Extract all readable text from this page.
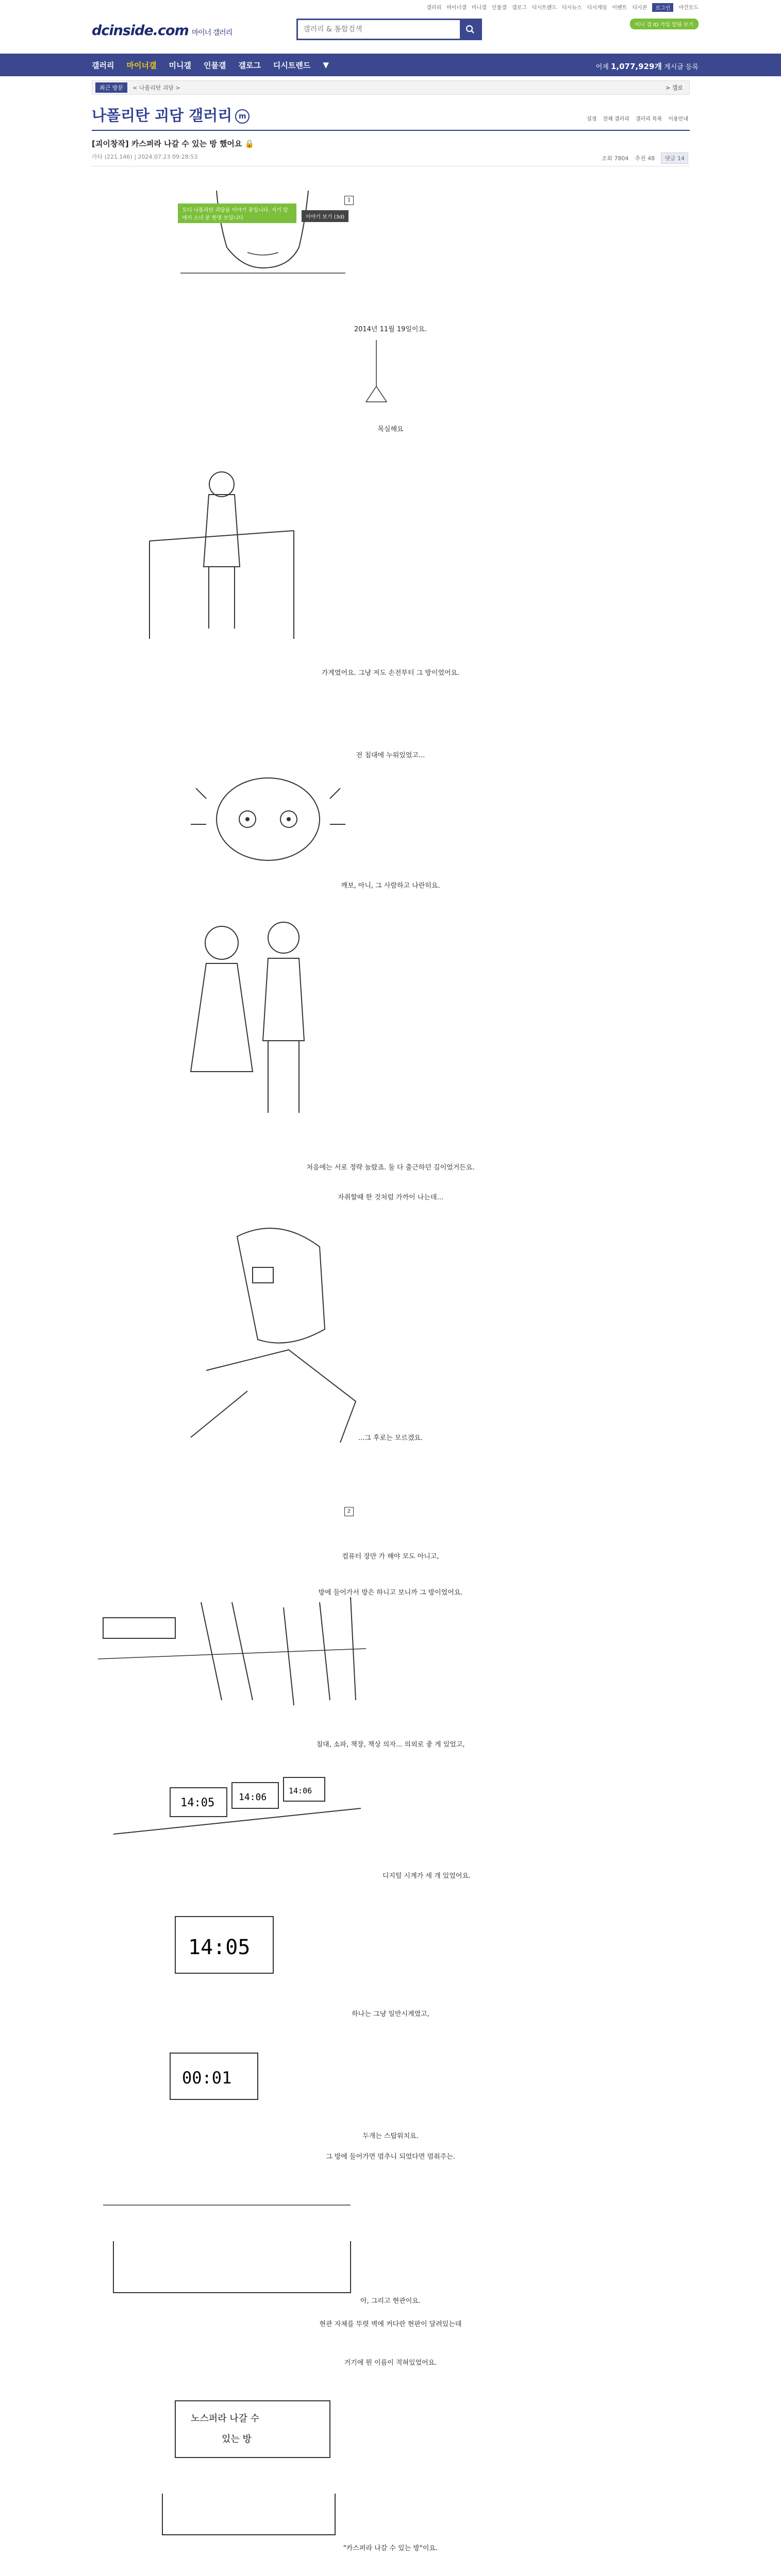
갤러리 마이너갤 미니갤 인물갤 갤로그 디시트렌드 디시뉴스 디시게임 이벤트 디시콘	로그인	야간모드
미니 갤 ID 가입 알림 보기
dcinside.com 마이너 갤러리
갤러리 & 통합검색
갤러리 마이너갤 미니갤 인물갤 갤로그 디시트렌드 ▼	어제 1,077,929개 게시글 등록
최근 방문	< 나폴리탄 괴담 >	> 갤로
나폴리탄 괴담 갤러리 m	설정 전체 갤러리 갤러리 목록 이용안내
[괴이창작] 카스퍼라 나갈 수 있는 방 했어요 🔒
카타 (221.146) | 2024.07.23 09:28:53	조회 7804 추천 48	댓글 14
1
오디 나폴리탄 괴담을 이야기 중입니다. 저기 앞에서 소녀 분 한명 보입니다	이야기 보기 (3d)
2014년 11월 19일이요.
목실해요
가게였어요. 그냥 저도 손전부터 그 방이었어요.
전 침대에 누워있었고...
깨보, 아니, 그 사람하고 나란히요.
처음에는 서로 정략 놀랐죠. 둘 다 출근하던 길이었거든요.
자취할때 한 것처럼 가까이 나는데...
...그 후로는 모르겠요.
2
컴퓨터 장만 가 해야 모도 아니고,
방에 들어가서 방은 하니고 보니까 그 방이었어요.
침대, 소파, 책장, 책상 의자... 의외로 좋 게 있었고,
14:05	14:06
14:06
디지털 시계가 세 개 있었어요.
14:05
하나는 그냥 일반시계였고,
00:01
두개는 스탑워치요.
그 방에 들어가면 멈추니 되었다면 멈춰주는.
아, 그리고 현관이요.
현관 자체를 뚜렷 벽에 커다란 현판이 달려있는데
거기에 뭔 이름이 적혀있었어요.
노스퍼라 나갈 수
있는 방
"카스퍼라 나갈 수 있는 방"이요.
